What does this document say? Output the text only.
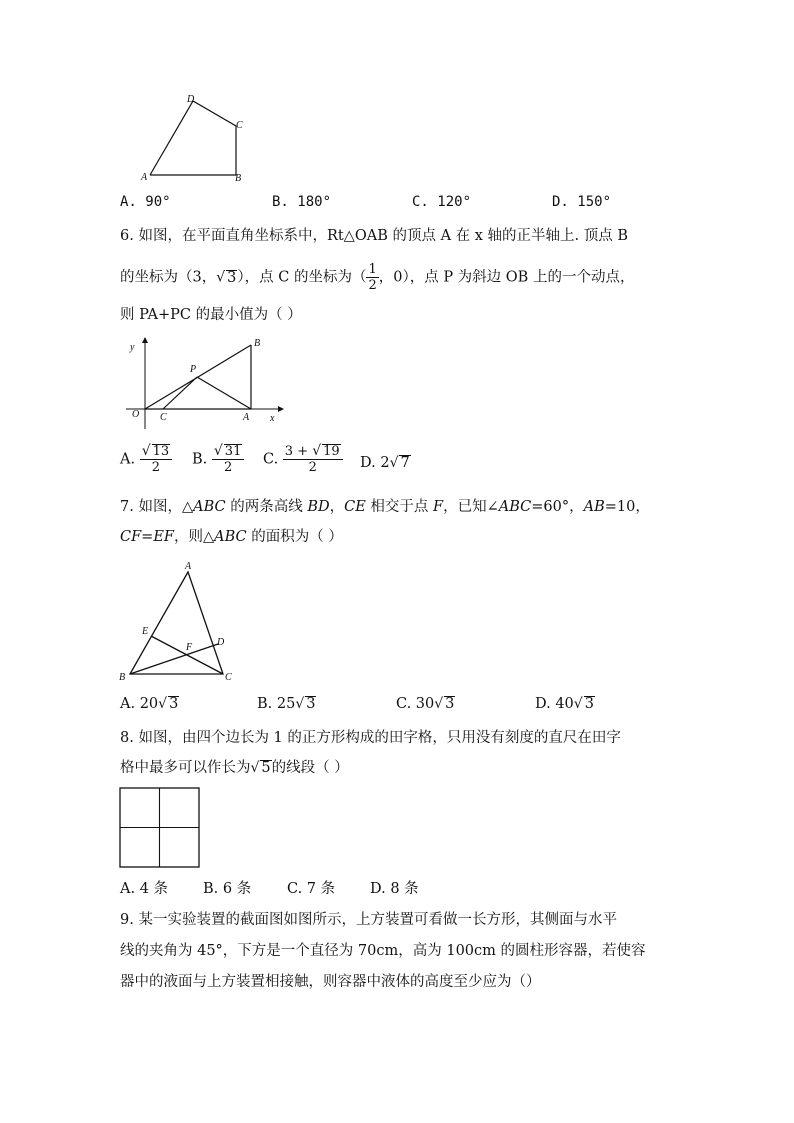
D
C
A	B
A. 90°	B. 180°	C. 120°	D. 150°
6. 如图，在平面直角坐标系中，Rt△OAB 的顶点 A 在 x 轴的正半轴上. 顶点 B
的坐标为（3，√ 3），点 C 的坐标为（ $\frac{1}{2}$ ，0），点 P 为斜边 OB 上的一个动点，
则 PA+PC 的最小值为（ ）
y
x
O C	A
B
P
A. $\frac{√ 13}{2} B$. $\frac{√ 31}{2} C$. $\frac{3 + √ 19}{2} D$. 2√ 7
7. 如图，△ABC 的两条高线 BD，CE 相交于点 F，已知∠ABC=60°，AB=10，
CF=EF，则△ABC 的面积为（ ）
A
E
D
F
B	C
A. 20√ 3	B. 25√ 3	C. 30√ 3	D. 40√ 3
8. 如图，由四个边长为 1 的正方形构成的田字格，只用没有刻度的直尺在田字
格中最多可以作长为√ 5的线段（ ）
A. 4 条 B. 6 条 C. 7 条 D. 8 条
9. 某一实验装置的截面图如图所示，上方装置可看做一长方形，其侧面与水平
线的夹角为 45°，下方是一个直径为 70cm，高为 100cm 的圆柱形容器，若使容
器中的液面与上方装置相接触，则容器中液体的高度至少应为（）
